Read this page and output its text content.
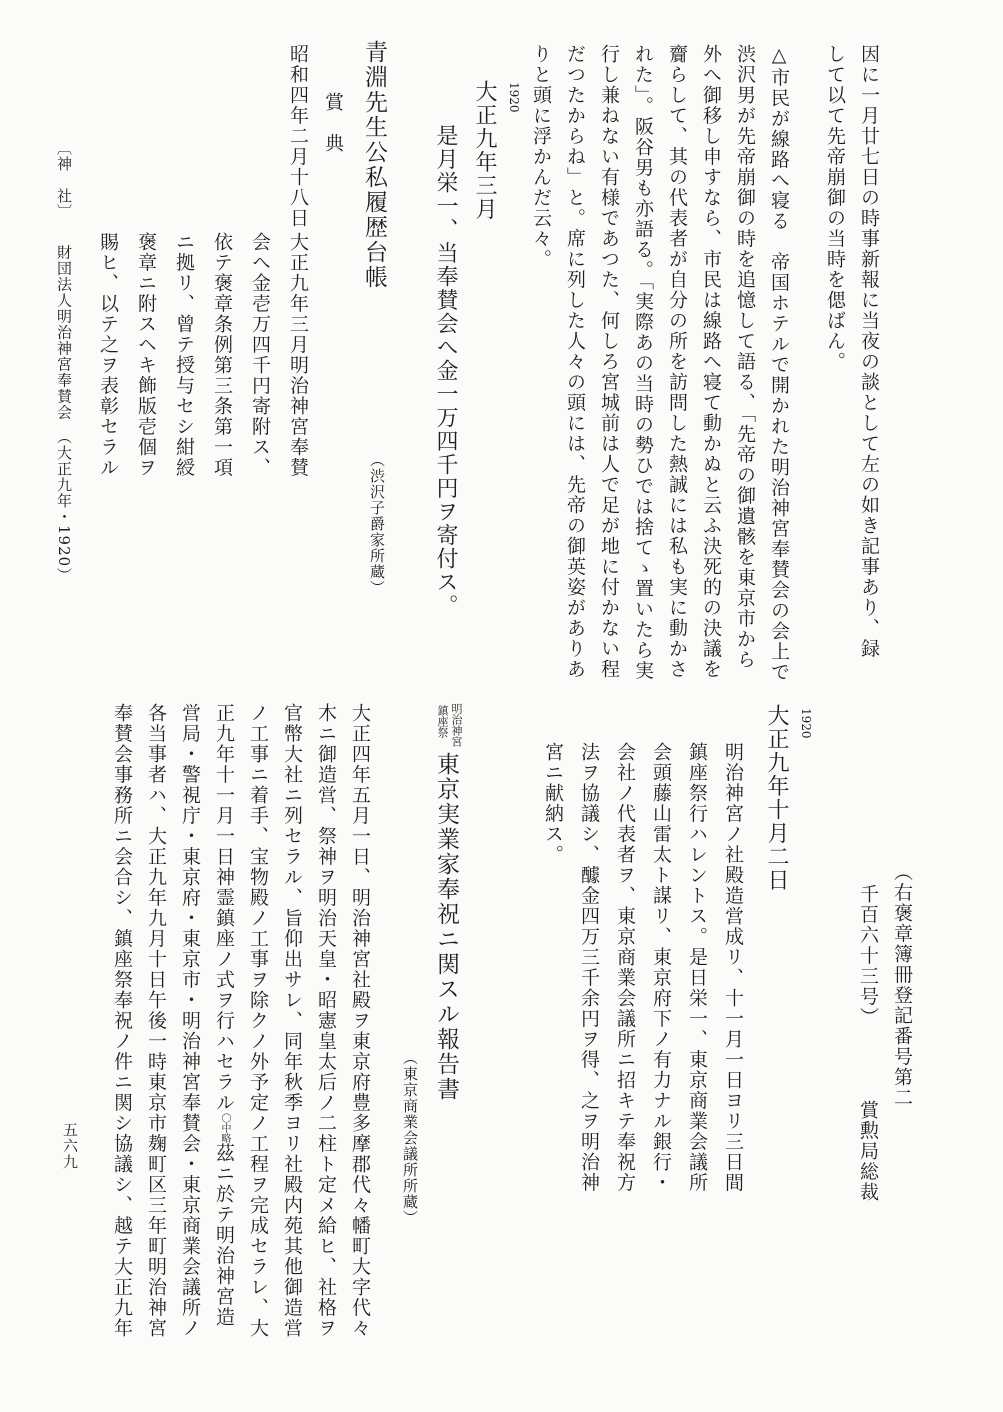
因に一月廿七日の時事新報に当夜の談として左の如き記事あり、録
して以て先帝崩御の当時を偲ばん。
△市民が線路へ寝る　帝国ホテルで開かれた明治神宮奉賛会の会上で
渋沢男が先帝崩御の時を追憶して語る、「先帝の御遺骸を東京市から
外へ御移し申すなら、市民は線路へ寝て動かぬと云ふ決死的の決議を
齎らして、其の代表者が自分の所を訪問した熱誠には私も実に動かさ
れた」。阪谷男も亦語る。「実際あの当時の勢ひでは捨てゝ置いたら実
行し兼ねない有様であつた、何しろ宮城前は人で足が地に付かない程
だつたからね」と。席に列した人々の頭には、先帝の御英姿がありあ
りと頭に浮かんだ云々。
1920
大正九年三月
是月栄一、当奉賛会へ金一万四千円ヲ寄付ス。
青淵先生公私履歴台帳
（渋沢子爵家所蔵）
賞　典
昭和四年二月十八日
大正九年三月明治神宮奉賛
会へ金壱万四千円寄附ス、
依テ褒章条例第三条第一項
ニ拠リ、曾テ授与セシ紺綬
褒章ニ附スヘキ飾版壱個ヲ
賜ヒ、以テ之ヲ表彰セラル
〔神　社〕　　財団法人明治神宮奉賛会　（大正九年・1920）
（右褒章簿冊登記番号第二
千百六十三号）　　　　賞勲局総裁
1920
大正九年十月二日
明治神宮ノ社殿造営成リ、十一月一日ヨリ三日間
鎮座祭行ハレントス。是日栄一、東京商業会議所
会頭藤山雷太ト謀リ、東京府下ノ有力ナル銀行・
会社ノ代表者ヲ、東京商業会議所ニ招キテ奉祝方
法ヲ協議シ、醵金四万三千余円ヲ得、之ヲ明治神
宮ニ献納ス。
明治神宮
鎮座祭
東京実業家奉祝ニ関スル報告書
（東京商業会議所所蔵）
大正四年五月一日、明治神宮社殿ヲ東京府豊多摩郡代々幡町大字代々
木ニ御造営、祭神ヲ明治天皇・昭憲皇太后ノ二柱ト定メ給ヒ、社格ヲ
官幣大社ニ列セラル、旨仰出サレ、同年秋季ヨリ社殿内苑其他御造営
ノ工事ニ着手、宝物殿ノ工事ヲ除クノ外予定ノ工程ヲ完成セラレ、大
正九年十一月一日神霊鎮座ノ式ヲ行ハセラル〇中略茲ニ於テ明治神宮造
営局・警視庁・東京府・東京市・明治神宮奉賛会・東京商業会議所ノ
各当事者ハ、大正九年九月十日午後一時東京市麹町区三年町明治神宮
奉賛会事務所ニ会合シ、鎮座祭奉祝ノ件ニ関シ協議シ、越テ大正九年
五六九
